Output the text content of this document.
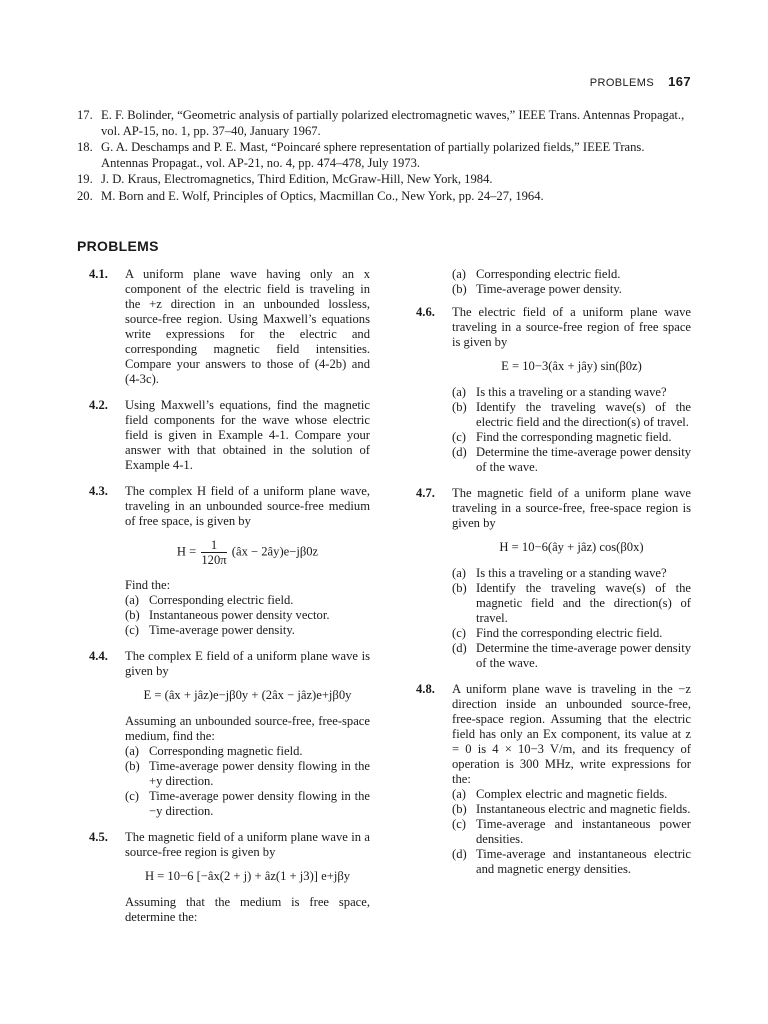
PROBLEMS 167
17. E. F. Bolinder, “Geometric analysis of partially polarized electromagnetic waves,” IEEE Trans. Antennas Propagat., vol. AP-15, no. 1, pp. 37–40, January 1967.
18. G. A. Deschamps and P. E. Mast, “Poincaré sphere representation of partially polarized fields,” IEEE Trans. Antennas Propagat., vol. AP-21, no. 4, pp. 474–478, July 1973.
19. J. D. Kraus, Electromagnetics, Third Edition, McGraw-Hill, New York, 1984.
20. M. Born and E. Wolf, Principles of Optics, Macmillan Co., New York, pp. 24–27, 1964.
PROBLEMS
4.1. A uniform plane wave having only an x component of the electric field is traveling in the +z direction in an unbounded lossless, source-free region. Using Maxwell’s equations write expressions for the electric and corresponding magnetic field intensities. Compare your answers to those of (4-2b) and (4-3c).
4.2. Using Maxwell’s equations, find the magnetic field components for the wave whose electric field is given in Example 4-1. Compare your answer with that obtained in the solution of Example 4-1.
4.3. The complex H field of a uniform plane wave, traveling in an unbounded source-free medium of free space, is given by
$H = \frac{1}{120\pi}$ (âx − 2ây)e−jβ0z
Find the:
(a) Corresponding electric field.
(b) Instantaneous power density vector.
(c) Time-average power density.
4.4. The complex E field of a uniform plane wave is given by
E = (âx + jâz)e−jβ0y + (2âx − jâz)e+jβ0y
Assuming an unbounded source-free, free-space medium, find the:
(a) Corresponding magnetic field.
(b) Time-average power density flowing in the +y direction.
(c) Time-average power density flowing in the −y direction.
4.5. The magnetic field of a uniform plane wave in a source-free region is given by
H = 10−6 [−âx(2 + j) + âz(1 + j3)] e+jβy
Assuming that the medium is free space, determine the:
(a) Corresponding electric field.
(b) Time-average power density.
4.6. The electric field of a uniform plane wave traveling in a source-free region of free space is given by
E = 10−3(âx + jây) sin(β0z)
(a) Is this a traveling or a standing wave?
(b) Identify the traveling wave(s) of the electric field and the direction(s) of travel.
(c) Find the corresponding magnetic field.
(d) Determine the time-average power density of the wave.
4.7. The magnetic field of a uniform plane wave traveling in a source-free, free-space region is given by
H = 10−6(ây + jâz) cos(β0x)
(a) Is this a traveling or a standing wave?
(b) Identify the traveling wave(s) of the magnetic field and the direction(s) of travel.
(c) Find the corresponding electric field.
(d) Determine the time-average power density of the wave.
4.8. A uniform plane wave is traveling in the −z direction inside an unbounded source-free, free-space region. Assuming that the electric field has only an Ex component, its value at z = 0 is 4 × 10−3 V/m, and its frequency of operation is 300 MHz, write expressions for the:
(a) Complex electric and magnetic fields.
(b) Instantaneous electric and magnetic fields.
(c) Time-average and instantaneous power densities.
(d) Time-average and instantaneous electric and magnetic energy densities.
